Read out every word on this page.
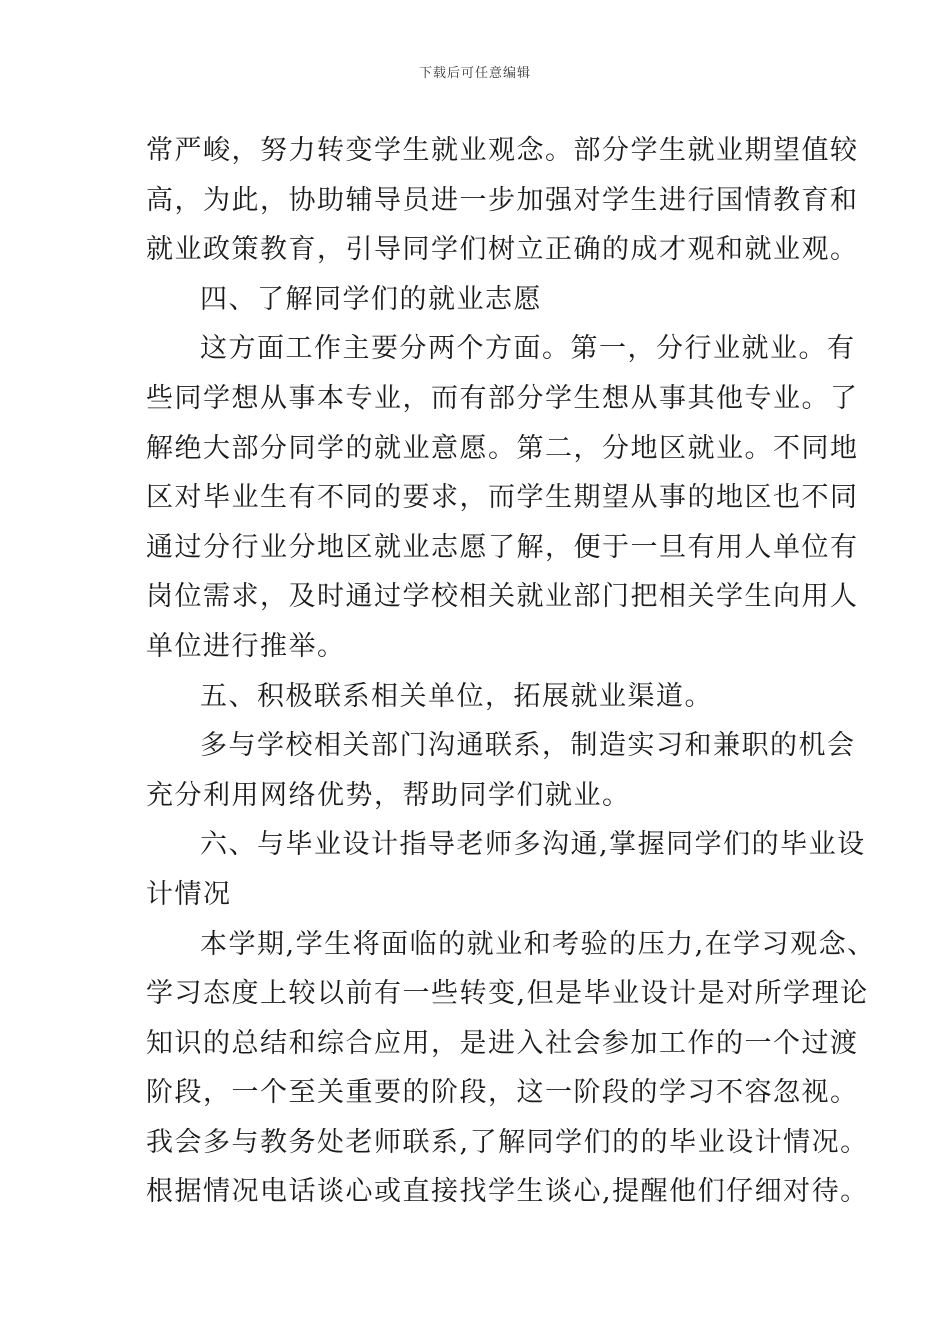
下载后可任意编辑
常严峻，努力转变学生就业观念。部分学生就业期望值较
高，为此，协助辅导员进一步加强对学生进行国情教育和
就业政策教育，引导同学们树立正确的成才观和就业观。
四、了解同学们的就业志愿
这方面工作主要分两个方面。第一，分行业就业。有
些同学想从事本专业，而有部分学生想从事其他专业。了
解绝大部分同学的就业意愿。第二，分地区就业。不同地
区对毕业生有不同的要求，而学生期望从事的地区也不同
通过分行业分地区就业志愿了解，便于一旦有用人单位有
岗位需求，及时通过学校相关就业部门把相关学生向用人
单位进行推举。
五、积极联系相关单位，拓展就业渠道。
多与学校相关部门沟通联系，制造实习和兼职的机会
充分利用网络优势，帮助同学们就业。
六、与毕业设计指导老师多沟通,掌握同学们的毕业设
计情况
本学期,学生将面临的就业和考验的压力,在学习观念、
学习态度上较以前有一些转变,但是毕业设计是对所学理论
知识的总结和综合应用，是进入社会参加工作的一个过渡
阶段，一个至关重要的阶段，这一阶段的学习不容忽视。
我会多与教务处老师联系,了解同学们的的毕业设计情况。
根据情况电话谈心或直接找学生谈心,提醒他们仔细对待。
